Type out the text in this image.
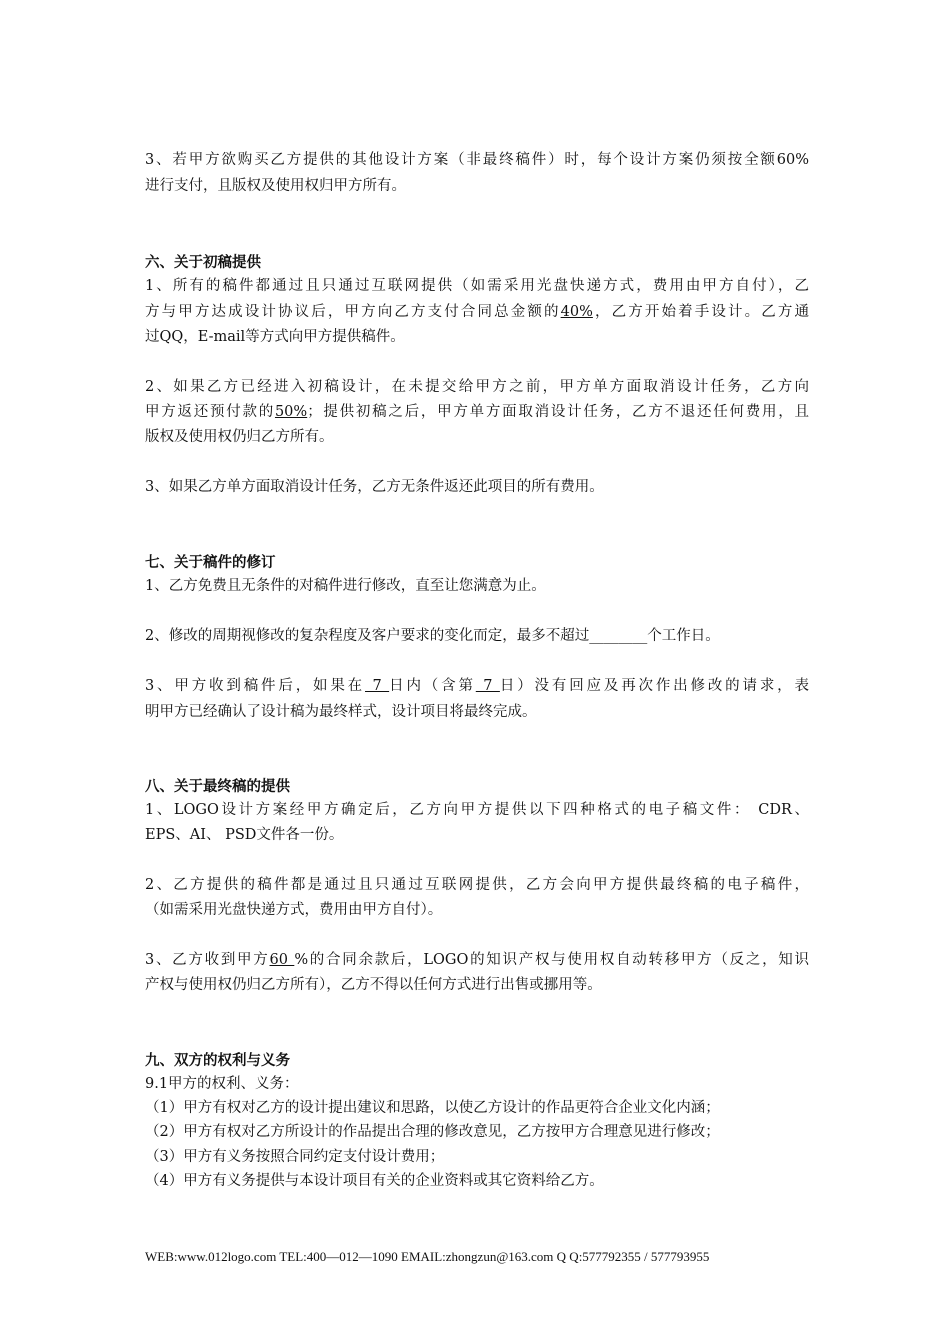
3、若甲方欲购买乙方提供的其他设计方案（非最终稿件）时，每个设计方案仍须按全额60%
进行支付，且版权及使用权归甲方所有。
六、关于初稿提供
1、所有的稿件都通过且只通过互联网提供（如需采用光盘快递方式，费用由甲方自付），乙
方与甲方达成设计协议后，甲方向乙方支付合同总金额的40%，乙方开始着手设计。乙方通
过QQ，E-mail等方式向甲方提供稿件。
2、如果乙方已经进入初稿设计，在未提交给甲方之前，甲方单方面取消设计任务，乙方向
甲方返还预付款的50%；提供初稿之后，甲方单方面取消设计任务，乙方不退还任何费用，且
版权及使用权仍归乙方所有。
3、如果乙方单方面取消设计任务，乙方无条件返还此项目的所有费用。
七、关于稿件的修订
1、乙方免费且无条件的对稿件进行修改，直至让您满意为止。
2、修改的周期视修改的复杂程度及客户要求的变化而定，最多不超过________个工作日。
3、甲方收到稿件后，如果在 7 日内（含第 7 日）没有回应及再次作出修改的请求，表
明甲方已经确认了设计稿为最终样式，设计项目将最终完成。
八、关于最终稿的提供
1、LOGO设计方案经甲方确定后，乙方向甲方提供以下四种格式的电子稿文件： CDR、
EPS、AI、 PSD文件各一份。
2、乙方提供的稿件都是通过且只通过互联网提供，乙方会向甲方提供最终稿的电子稿件，
（如需采用光盘快递方式，费用由甲方自付）。
3、乙方收到甲方60 %的合同余款后，LOGO的知识产权与使用权自动转移甲方（反之，知识
产权与使用权仍归乙方所有），乙方不得以任何方式进行出售或挪用等。
九、双方的权利与义务
9.1甲方的权利、义务：
（1）甲方有权对乙方的设计提出建议和思路，以使乙方设计的作品更符合企业文化内涵；
（2）甲方有权对乙方所设计的作品提出合理的修改意见，乙方按甲方合理意见进行修改；
（3）甲方有义务按照合同约定支付设计费用；
（4）甲方有义务提供与本设计项目有关的企业资料或其它资料给乙方。
WEB:www.012logo.com TEL:400—012—1090 EMAIL:zhongzun@163.com Q Q:577792355 / 577793955
